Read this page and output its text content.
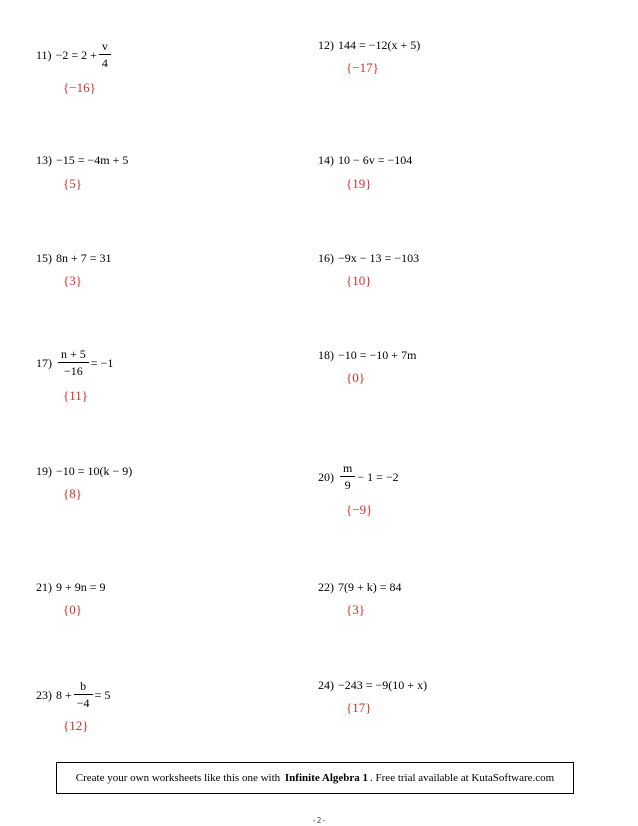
$11) -2 = 2 + \frac{v}{4}$
{−16}
12) 144 = −12(x + 5)
{−17}
13) −15 = −4m + 5
{5}
14) 10 − 6v = −104
{19}
15) 8n + 7 = 31
{3}
16) −9x − 13 = −103
{10}
$17) \frac{n + 5}{-16} = -1$
{11}
18) −10 = −10 + 7m
{0}
19) −10 = 10(k − 9)
{8}
$20) \frac{m}{9} - 1 = -2$
{−9}
21) 9 + 9n = 9
{0}
22) 7(9 + k) = 84
{3}
23) $8 + \frac{b}{-4} = 5$
{12}
24) −243 = −9(10 + x)
{17}
Create your own worksheets like this one with
Infinite Algebra 1 . Free trial available at KutaSoftware.com
-2-
